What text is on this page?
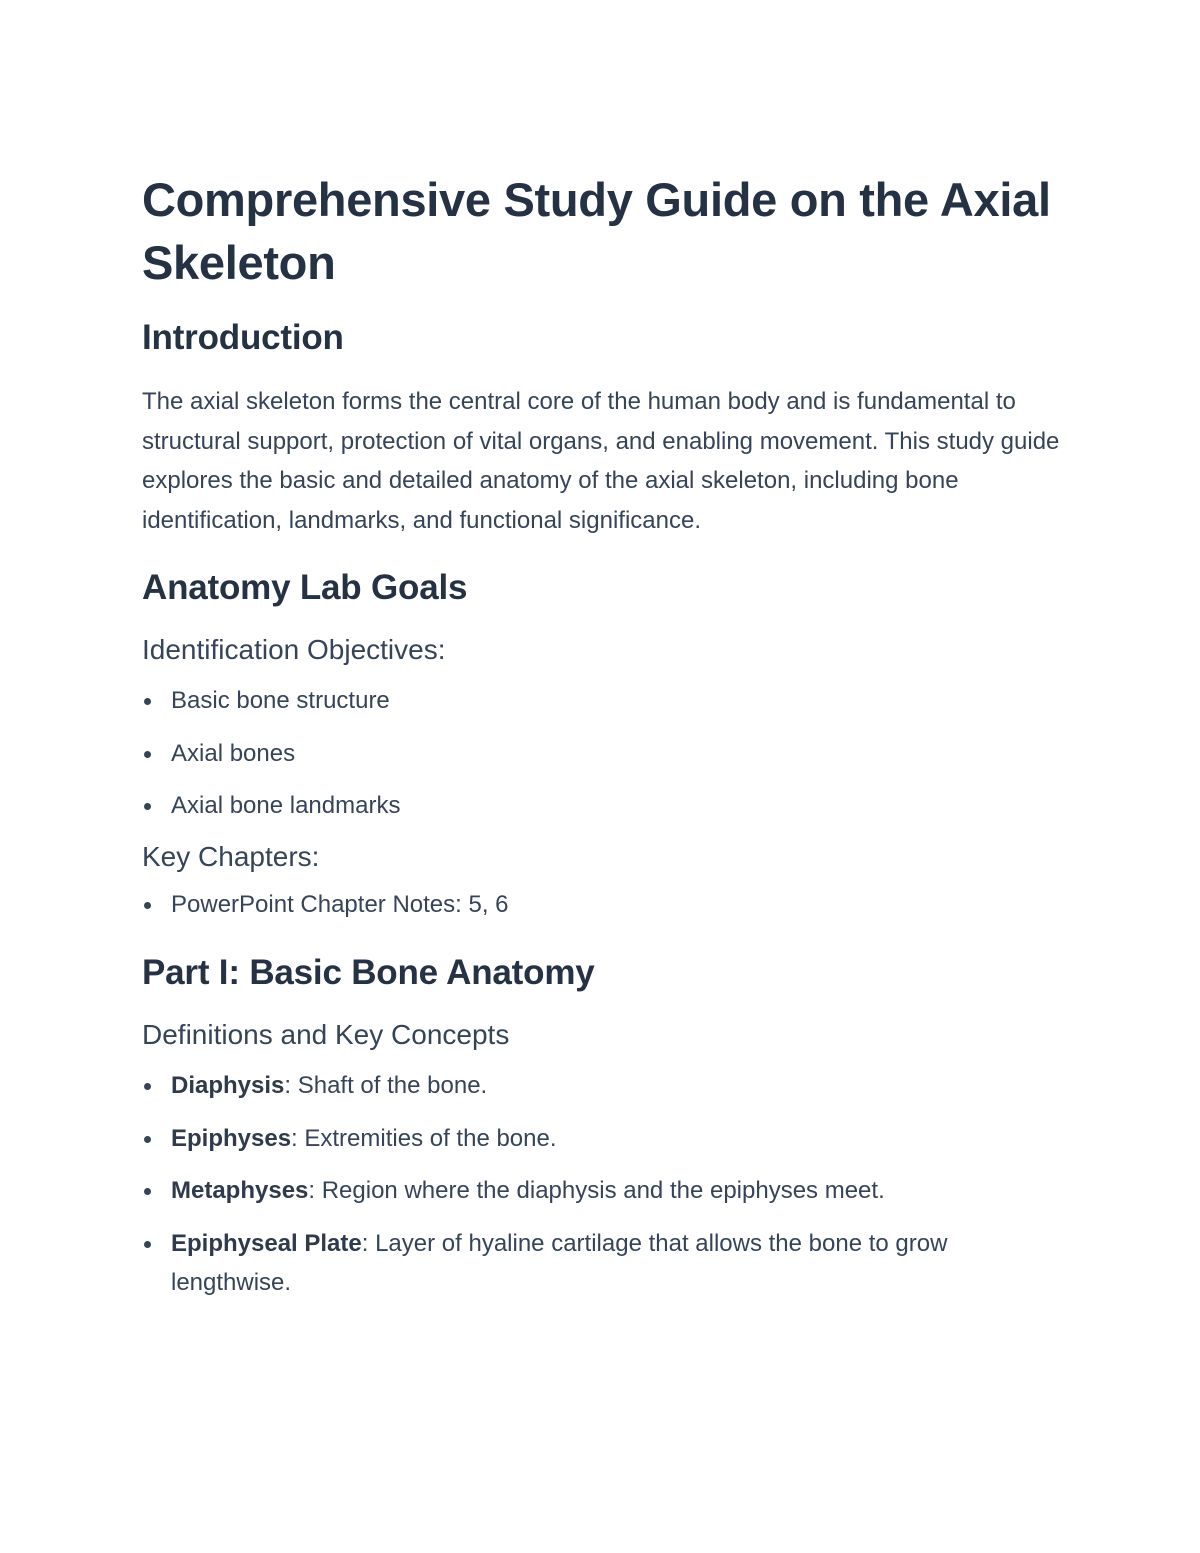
Comprehensive Study Guide on the Axial Skeleton
Introduction

The axial skeleton forms the central core of the human body and is fundamental to structural support, protection of vital organs, and enabling movement. This study guide explores the basic and detailed anatomy of the axial skeleton, including bone identification, landmarks, and functional significance.

Anatomy Lab Goals
Identification Objectives:
Basic bone structure
Axial bones
Axial bone landmarks
Key Chapters:
PowerPoint Chapter Notes: 5, 6
Part I: Basic Bone Anatomy
Definitions and Key Concepts
Diaphysis: Shaft of the bone.
Epiphyses: Extremities of the bone.
Metaphyses: Region where the diaphysis and the epiphyses meet.
Epiphyseal Plate: Layer of hyaline cartilage that allows the bone to grow lengthwise.
